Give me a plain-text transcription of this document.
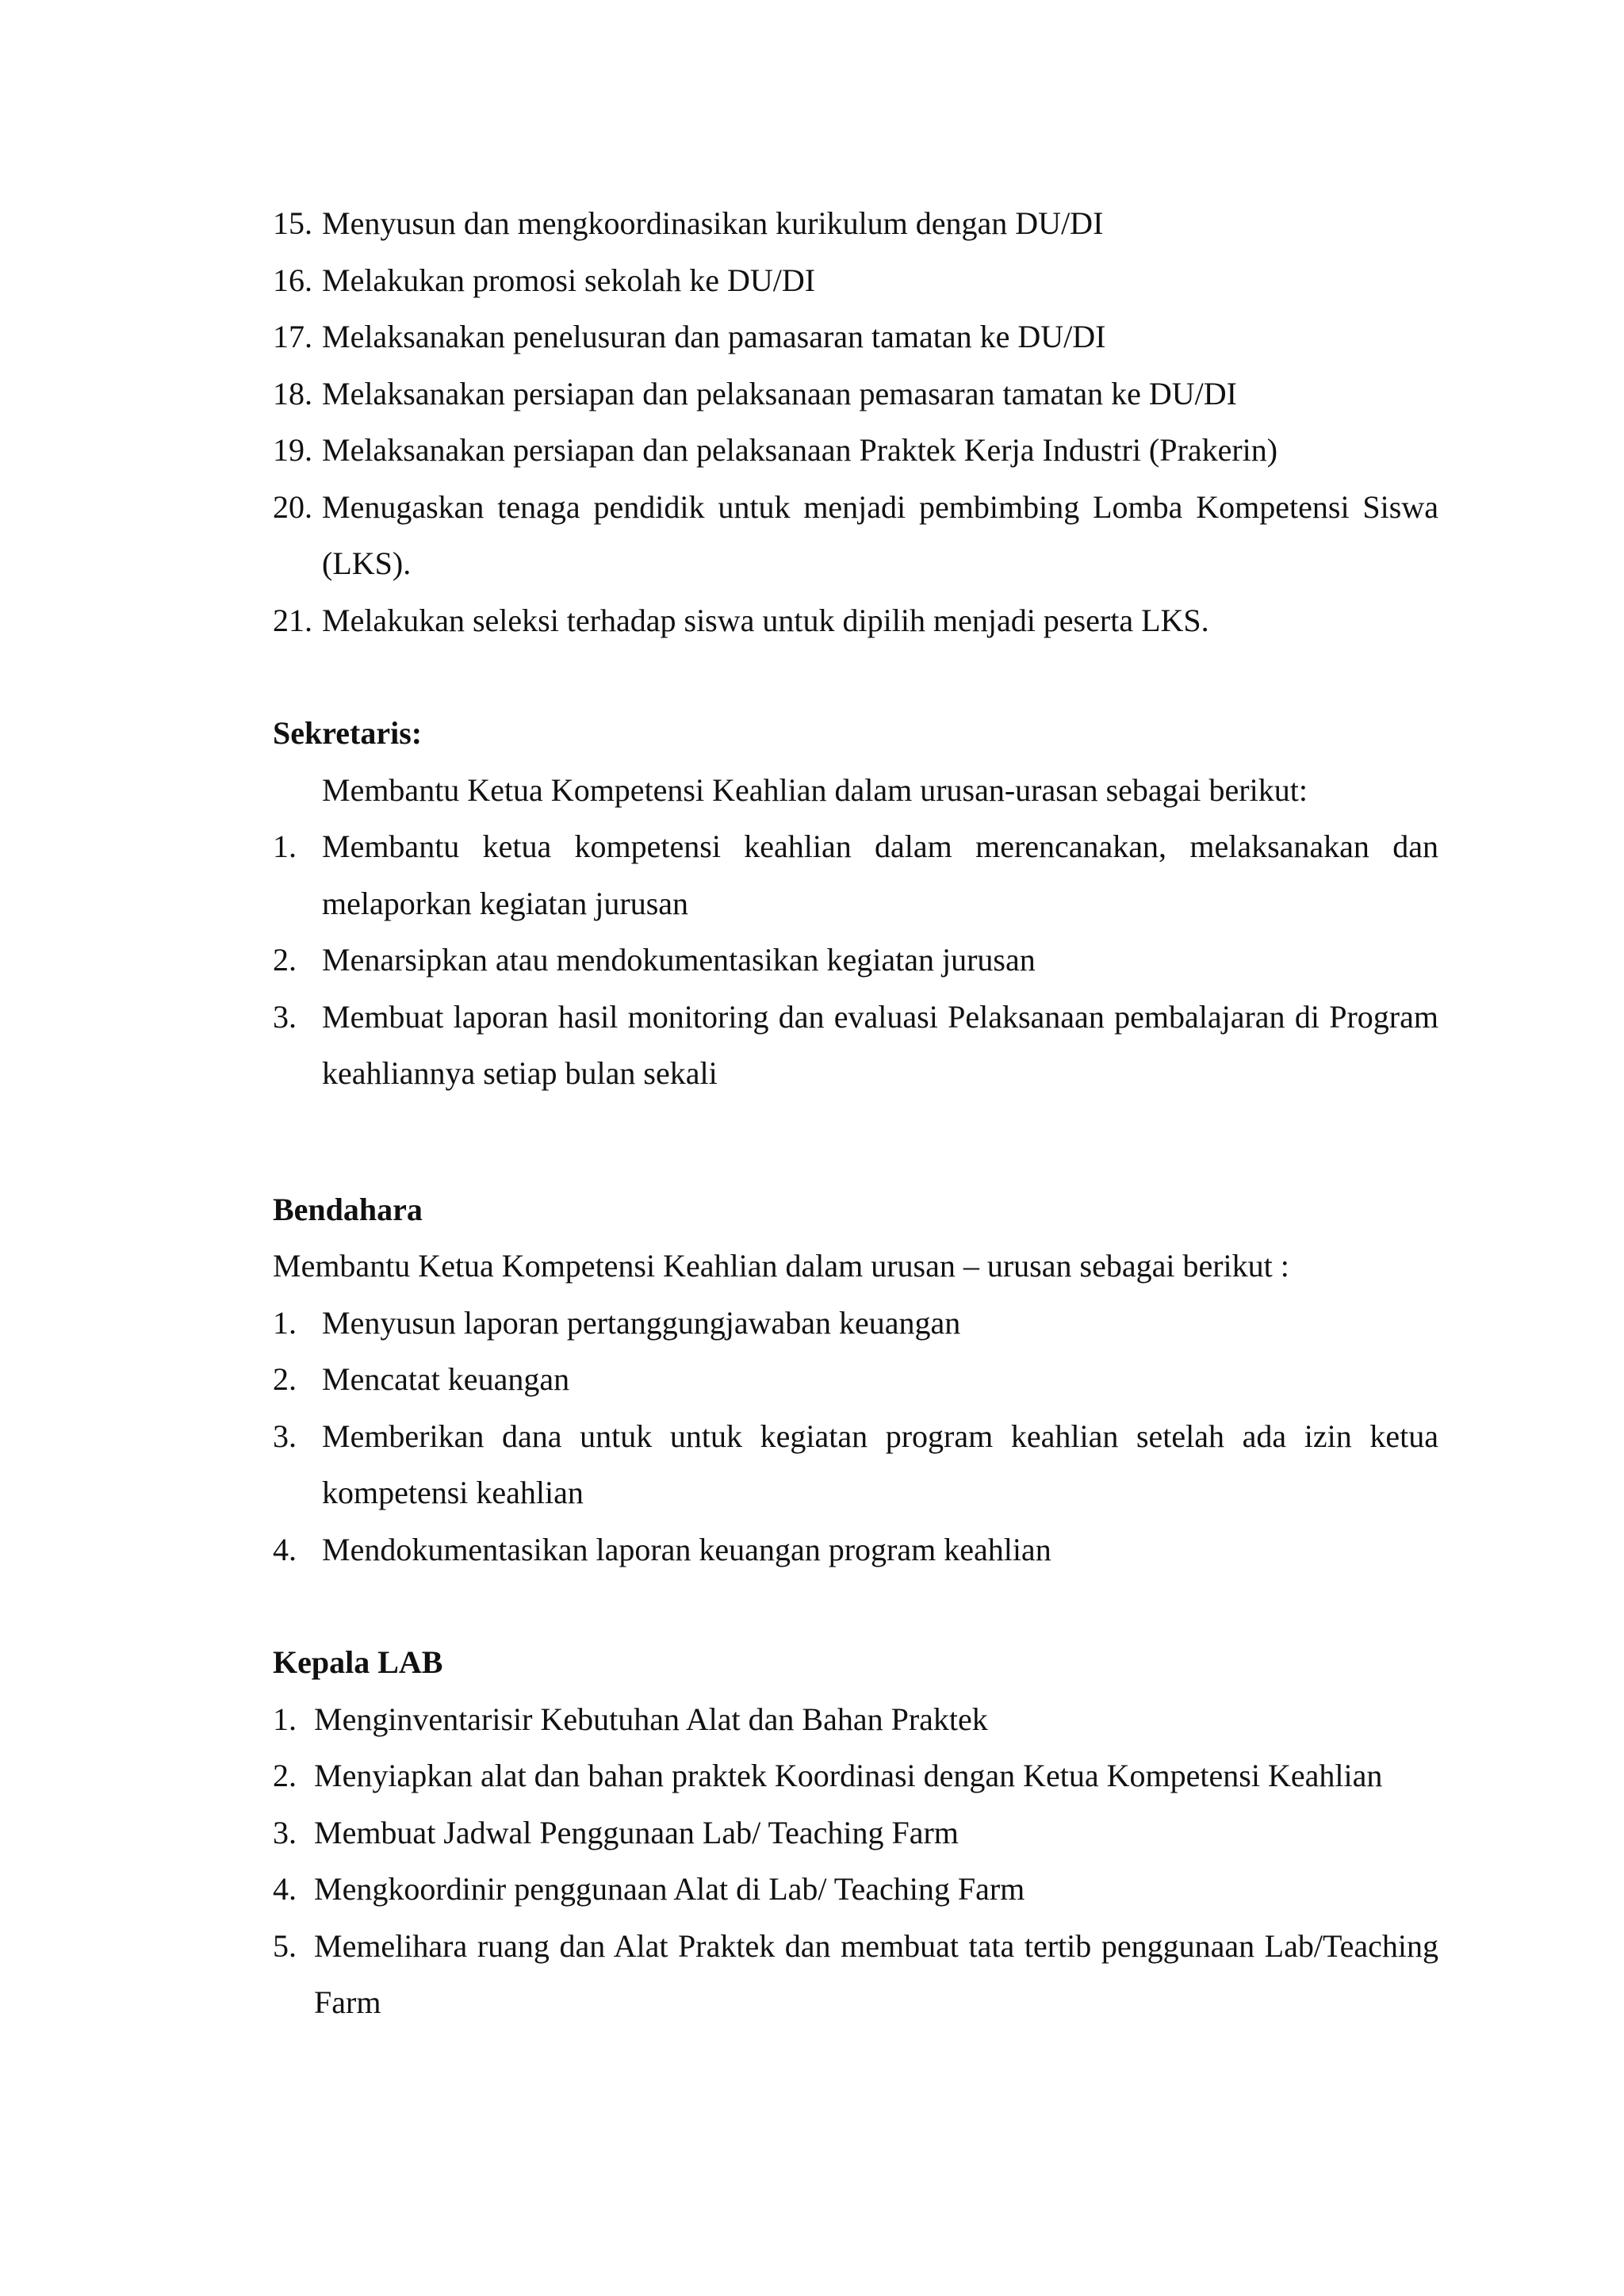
15. Menyusun dan mengkoordinasikan kurikulum dengan DU/DI
16. Melakukan promosi sekolah ke DU/DI
17. Melaksanakan penelusuran dan pamasaran tamatan ke DU/DI
18. Melaksanakan persiapan dan pelaksanaan pemasaran tamatan ke DU/DI
19. Melaksanakan persiapan dan pelaksanaan Praktek Kerja Industri (Prakerin)
20. Menugaskan tenaga pendidik untuk menjadi pembimbing Lomba Kompetensi Siswa (LKS).
21. Melakukan seleksi terhadap siswa untuk dipilih menjadi peserta LKS.
Sekretaris:
Membantu Ketua Kompetensi Keahlian dalam urusan-urasan sebagai berikut:
1. Membantu ketua kompetensi keahlian dalam merencanakan, melaksanakan dan melaporkan kegiatan jurusan
2. Menarsipkan atau mendokumentasikan kegiatan jurusan
3. Membuat laporan hasil monitoring dan evaluasi Pelaksanaan pembalajaran di Program keahliannya setiap bulan sekali
Bendahara
Membantu Ketua Kompetensi Keahlian dalam urusan – urusan sebagai berikut :
1. Menyusun laporan pertanggungjawaban keuangan
2. Mencatat keuangan
3. Memberikan dana untuk untuk kegiatan program keahlian setelah ada izin ketua kompetensi keahlian
4. Mendokumentasikan laporan keuangan program keahlian
Kepala LAB
1. Menginventarisir Kebutuhan Alat dan Bahan Praktek
2. Menyiapkan alat dan bahan praktek Koordinasi dengan Ketua Kompetensi Keahlian
3. Membuat Jadwal Penggunaan Lab/ Teaching Farm
4. Mengkoordinir penggunaan Alat di Lab/ Teaching Farm
5. Memelihara ruang dan Alat Praktek dan membuat tata tertib penggunaan Lab/Teaching Farm
